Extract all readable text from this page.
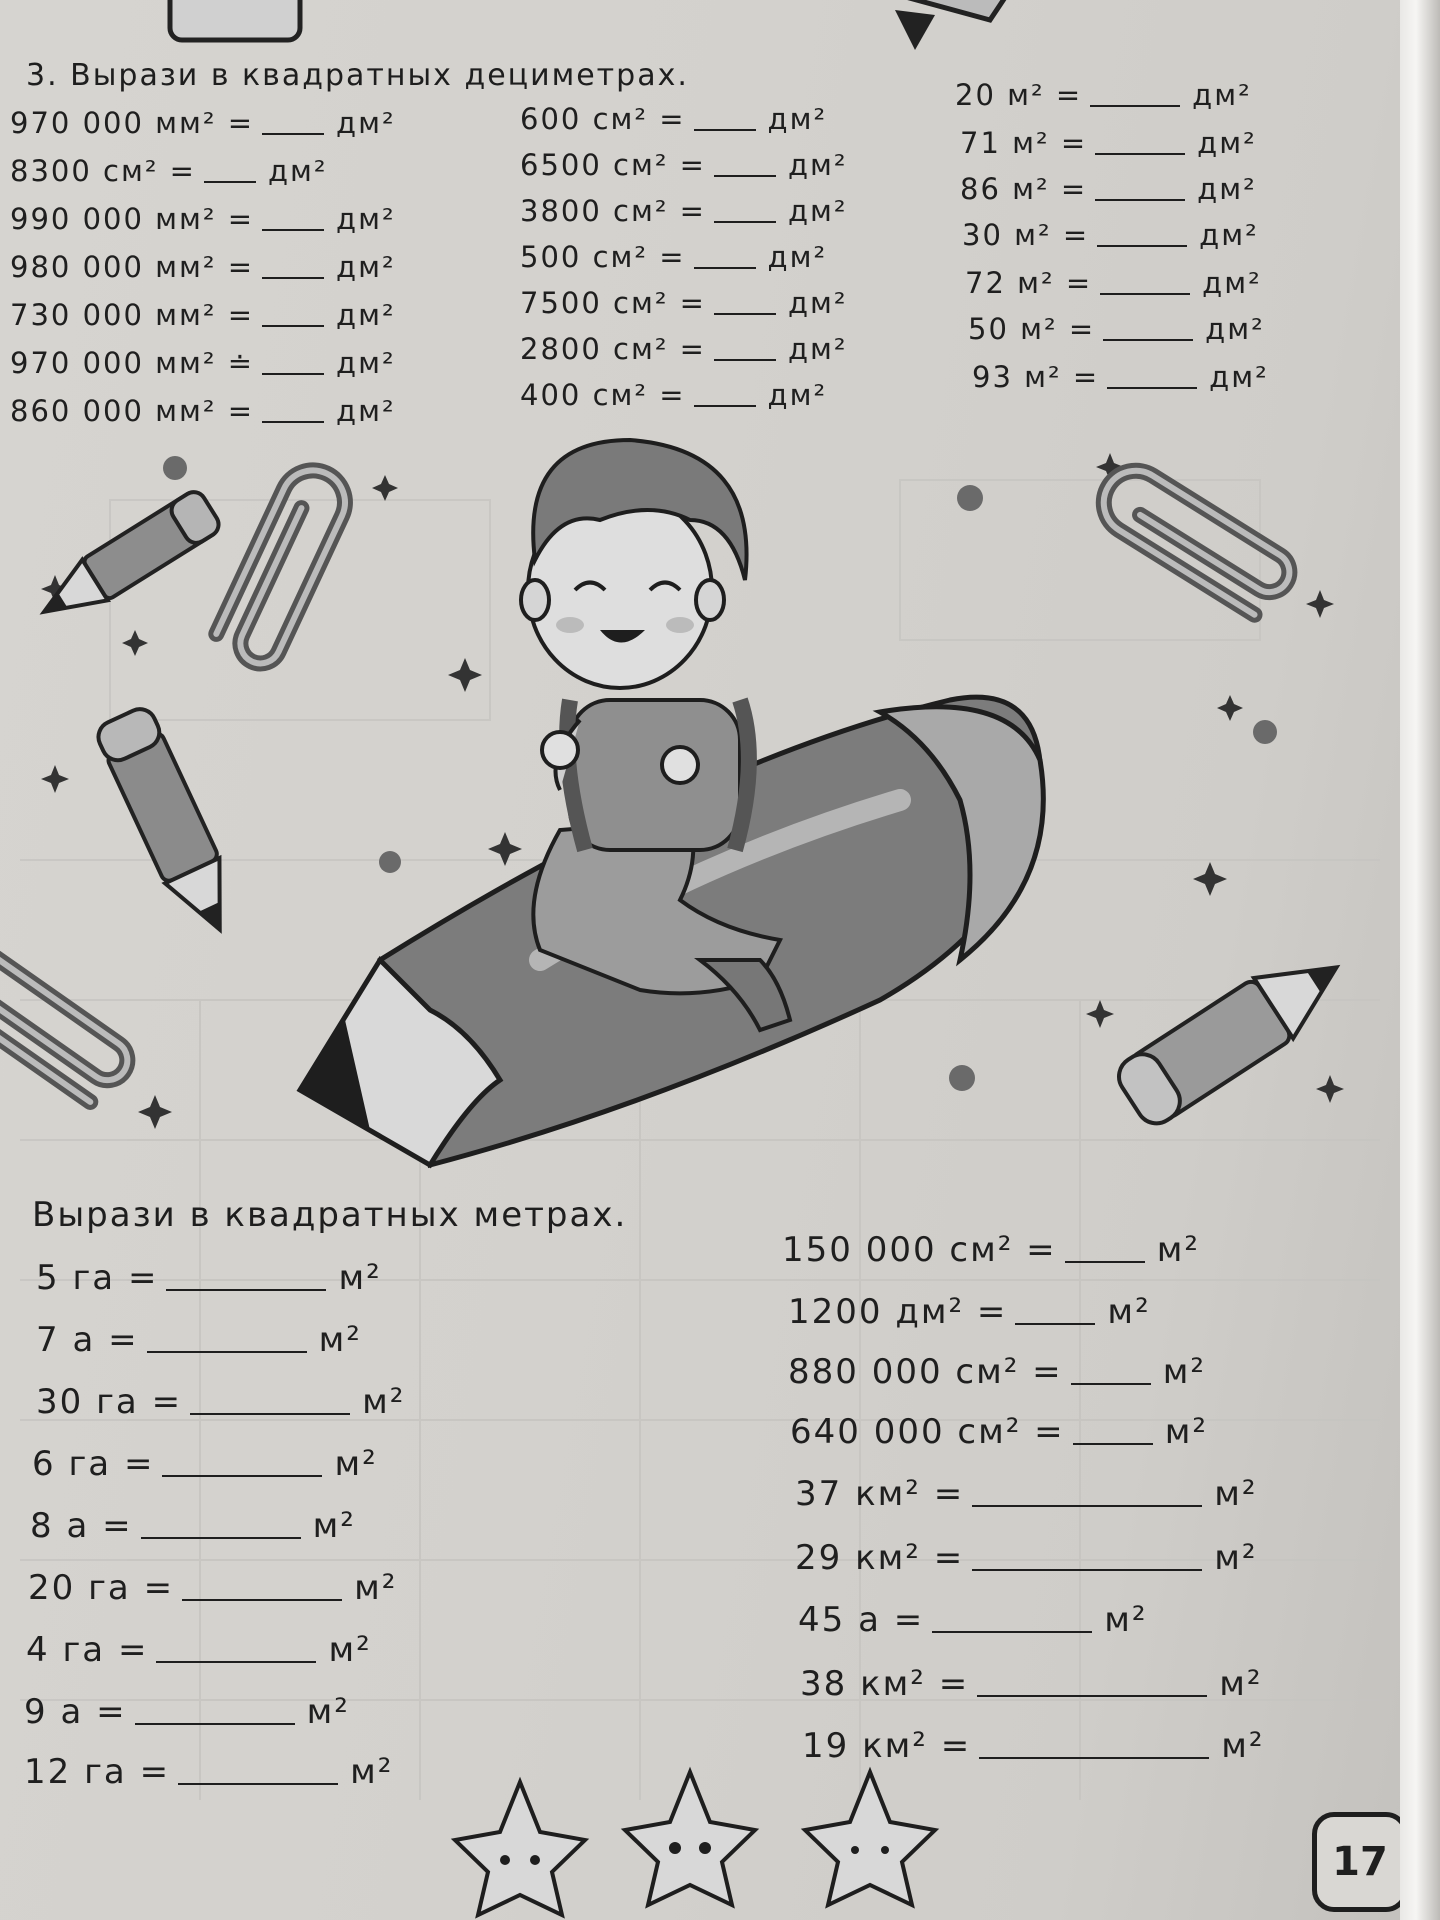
3. Вырази в квадратных дециметрах.
970 000 мм² =	дм²
8300 см² = дм²
990 000 мм² =	дм²
980 000 мм² =	дм²
730 000 мм² =	дм²
970 000 мм² ≐	дм²
860 000 мм² =	дм²
600 см² =	дм²
6500 см² =	дм²
3800 см² =	дм²
500 см² =	дм²
7500 см² =	дм²
2800 см² =	дм²
400 см² =	дм²
20 м² =	дм²
71 м² =	дм²
86 м² =	дм²
30 м² =	дм²
72 м² =	дм²
50 м² =	дм²
93 м² =	дм²
Вырази в квадратных метрах.
5 га =	м²
7 а =	м²
30 га =	м²
6 га =	м²
8 а =	м²
20 га =	м²
4 га =	м²
9 а =	м²
12 га =	м²
150 000 см² =	м²
1200 дм² =	м²
880 000 см² =	м²
640 000 см² =	м²
37 км² =	м²
29 км² =	м²
45 а =	м²
38 км² =	м²
19 км² =	м²
17
